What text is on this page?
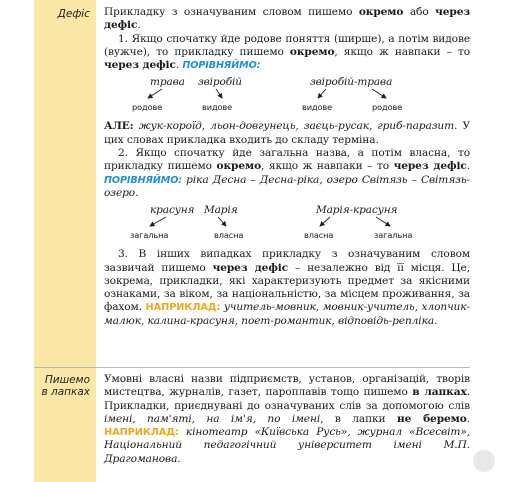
Дефіс
Пишемо
в лапках

Прикладку з означуваним словом пишемо окремо або через дефіс.

1. Якщо спочатку йде родове поняття (ширше), а потім видове (вужче), то прикладку пишемо окремо, якщо ж навпаки – то через дефіс. ПОРІВНЯЙМО:

трава звіробій
родове	видове
звіробій-трава
видове	родове

АЛЕ: жук-короїд, льон-довгунець, заєць-русак, гриб-паразит. У цих словах прикладка входить до складу терміна.

2. Якщо спочатку йде загальна назва, а потім власна, то прикладку пишемо окремо, якщо ж навпаки – то через дефіс. ПОРІВНЯЙМО: ріка Десна – Десна-ріка, озеро Світязь – Світязь-озеро.

красуня Марія
загальна	власна
Марія-красуня
власна	загальна

3. В інших випадках прикладку з означуваним словом зазвичай пишемо через дефіс – незалежно від її місця. Це, зокрема, прикладки, які характеризують предмет за якісними ознаками, за віком, за національністю, за місцем проживання, за фахом. НАПРИКЛАД: учитель-мовник, мовник-учитель, хлопчик-малюк, калина-красуня, поет-романтик, відповідь-репліка.

Умовні власні назви підприємств, установ, організацій, творів мистецтва, журналів, газет, пароплавів тощо пишемо в лапках. Прикладки, приєднувані до означуваних слів за допомогою слів імені, пам'яті, на ім'я, по імені, в лапки не беремо. НАПРИКЛАД: кінотеатр «Київська Русь», журнал «Всесвіт», Національний педагогічний університет імені М.П. Драгоманова.
